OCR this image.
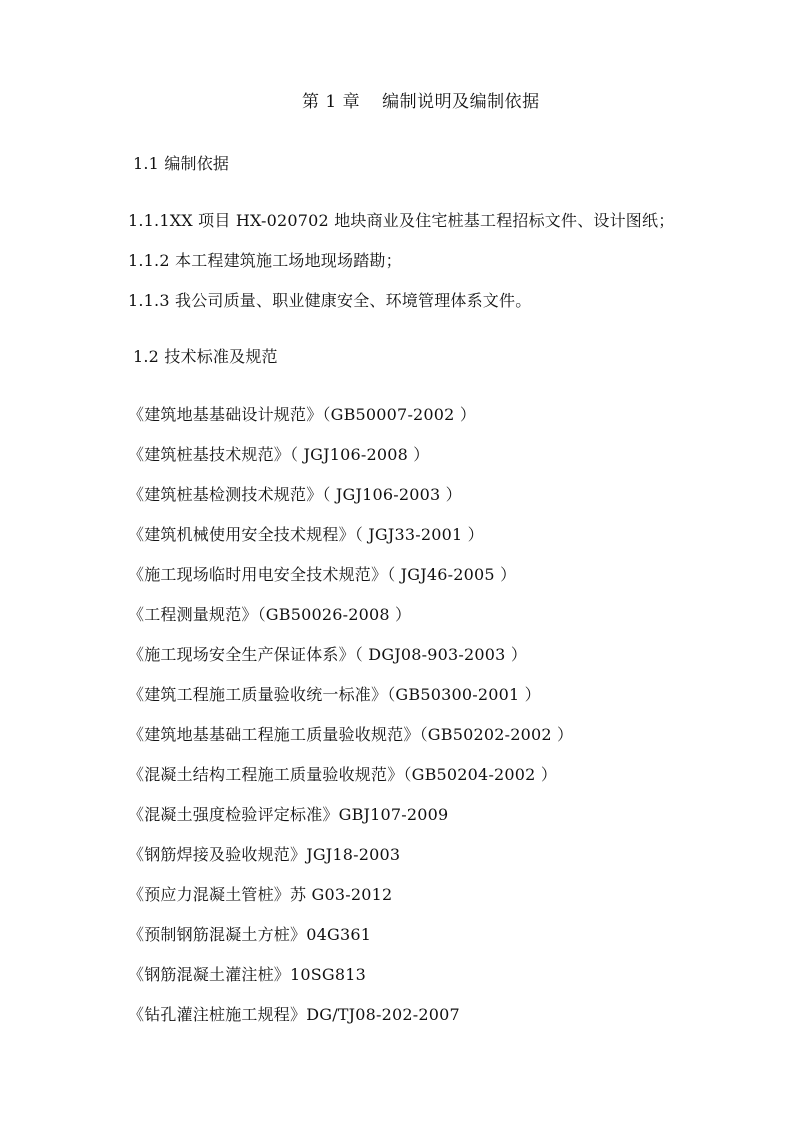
第 1 章 编制说明及编制依据
1.1 编制依据
1.1.1XX 项目 HX-020702 地块商业及住宅桩基工程招标文件、设计图纸；
1.1.2 本工程建筑施工场地现场踏勘；
1.1.3 我公司质量、职业健康安全、环境管理体系文件。
1.2 技术标准及规范
《建筑地基基础设计规范》（GB50007-2002 ）
《建筑桩基技术规范》（ JGJ106-2008 ）
《建筑桩基检测技术规范》（ JGJ106-2003 ）
《建筑机械使用安全技术规程》（ JGJ33-2001 ）
《施工现场临时用电安全技术规范》（ JGJ46-2005 ）
《工程测量规范》（GB50026-2008 ）
《施工现场安全生产保证体系》（ DGJ08-903-2003 ）
《建筑工程施工质量验收统一标准》（GB50300-2001 ）
《建筑地基基础工程施工质量验收规范》（GB50202-2002 ）
《混凝土结构工程施工质量验收规范》（GB50204-2002 ）
《混凝土强度检验评定标准》GBJ107-2009
《钢筋焊接及验收规范》JGJ18-2003
《预应力混凝土管桩》苏 G03-2012
《预制钢筋混凝土方桩》04G361
《钢筋混凝土灌注桩》10SG813
《钻孔灌注桩施工规程》DG/TJ08-202-2007
